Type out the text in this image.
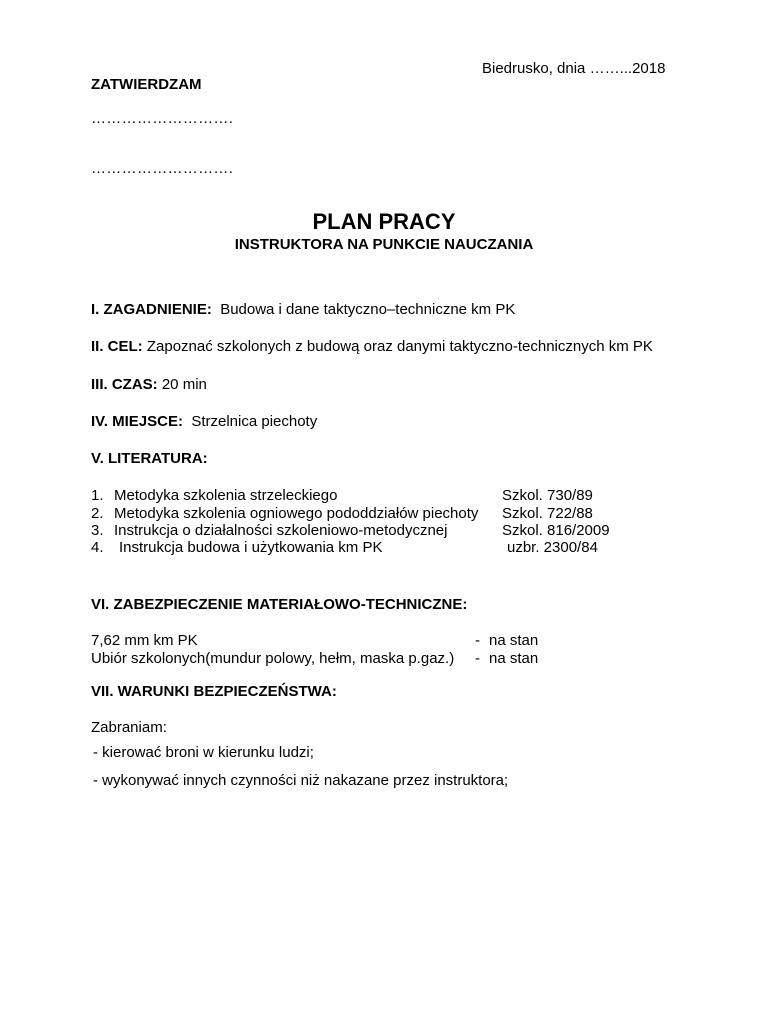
Biedrusko, dnia ……...2018
ZATWIERDZAM
……………………….
……………………….
PLAN PRACY
INSTRUKTORA NA PUNKCIE NAUCZANIA
I. ZAGADNIENIE: Budowa i dane taktyczno–techniczne km PK
II. CEL: Zapoznać szkolonych z budową oraz danymi taktyczno-technicznych km PK
III. CZAS: 20 min
IV. MIEJSCE: Strzelnica piechoty
V. LITERATURA:
1. Metodyka szkolenia strzeleckiego	Szkol. 730/89
2. Metodyka szkolenia ogniowego pododdziałów piechoty Szkol. 722/88
3. Instrukcja o działalności szkoleniowo-metodycznej	Szkol. 816/2009
4. Instrukcja budowa i użytkowania km PK	uzbr. 2300/84
VI. ZABEZPIECZENIE MATERIAŁOWO-TECHNICZNE:
7,62 mm km PK	- na stan
Ubiór szkolonych(mundur polowy, hełm, maska p.gaz.) - na stan
VII. WARUNKI BEZPIECZEŃSTWA:
Zabraniam:
- kierować broni w kierunku ludzi;
- wykonywać innych czynności niż nakazane przez instruktora;
